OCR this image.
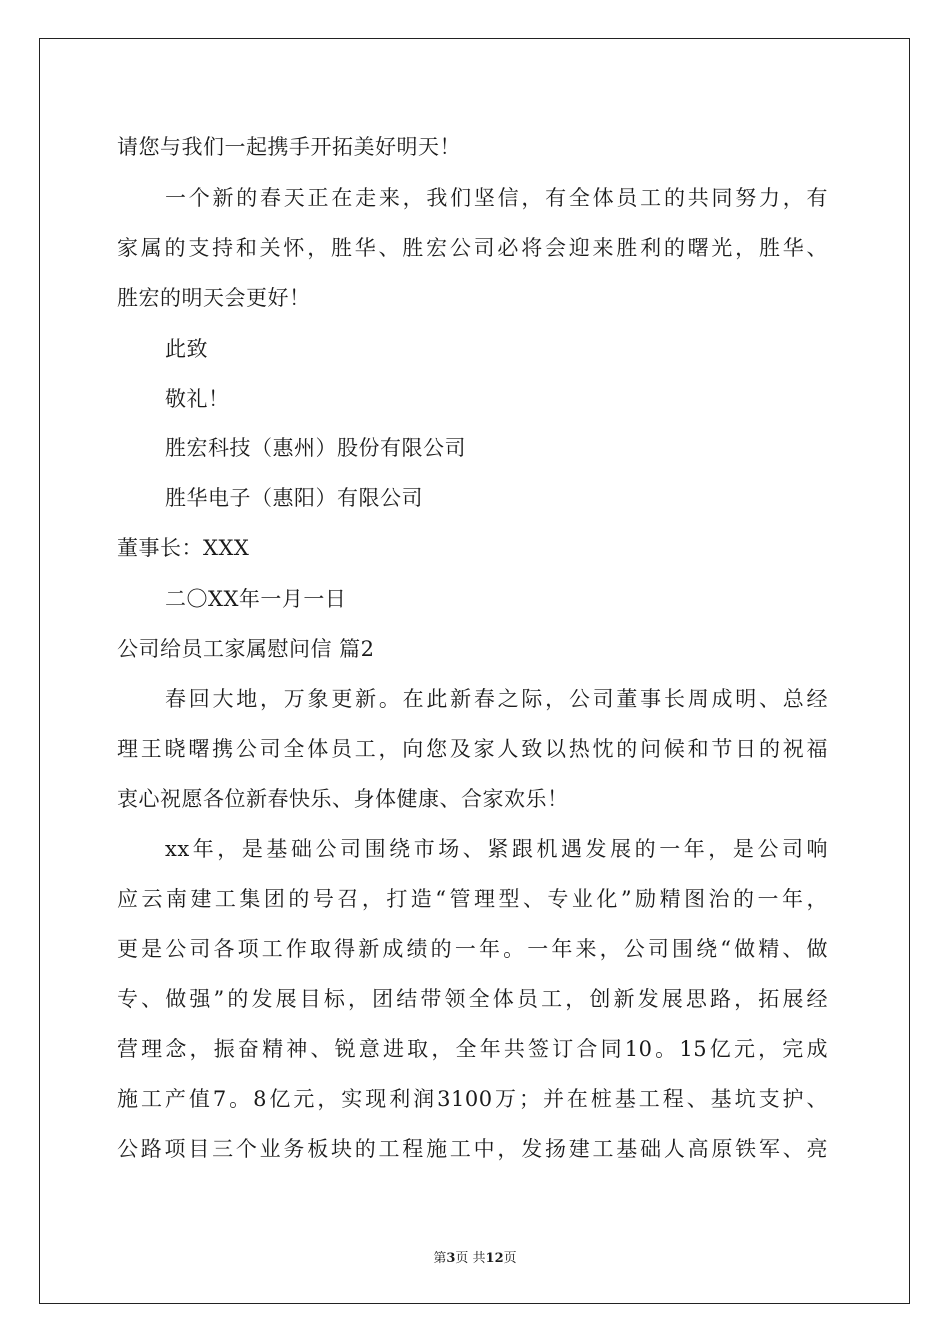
请您与我们一起携手开拓美好明天！

一个新的春天正在走来，我们坚信，有全体员工的共同努力，有

家属的支持和关怀，胜华、胜宏公司必将会迎来胜利的曙光，胜华、

胜宏的明天会更好！

此致

敬礼！

胜宏科技（惠州）股份有限公司

胜华电子（惠阳）有限公司

董事长：XXX

二〇XX年一月一日

公司给员工家属慰问信 篇2

春回大地，万象更新。在此新春之际，公司董事长周成明、总经

理王晓曙携公司全体员工，向您及家人致以热忱的问候和节日的祝福

衷心祝愿各位新春快乐、身体健康、合家欢乐！

xx年，是基础公司围绕市场、紧跟机遇发展的一年，是公司响

应云南建工集团的号召，打造“管理型、专业化”励精图治的一年，

更是公司各项工作取得新成绩的一年。一年来，公司围绕“做精、做

专、做强”的发展目标，团结带领全体员工，创新发展思路，拓展经

营理念，振奋精神、锐意进取，全年共签订合同10。15亿元，完成

施工产值7。8亿元，实现利润3100万；并在桩基工程、基坑支护、

公路项目三个业务板块的工程施工中，发扬建工基础人高原铁军、亮

第3页 共12页
